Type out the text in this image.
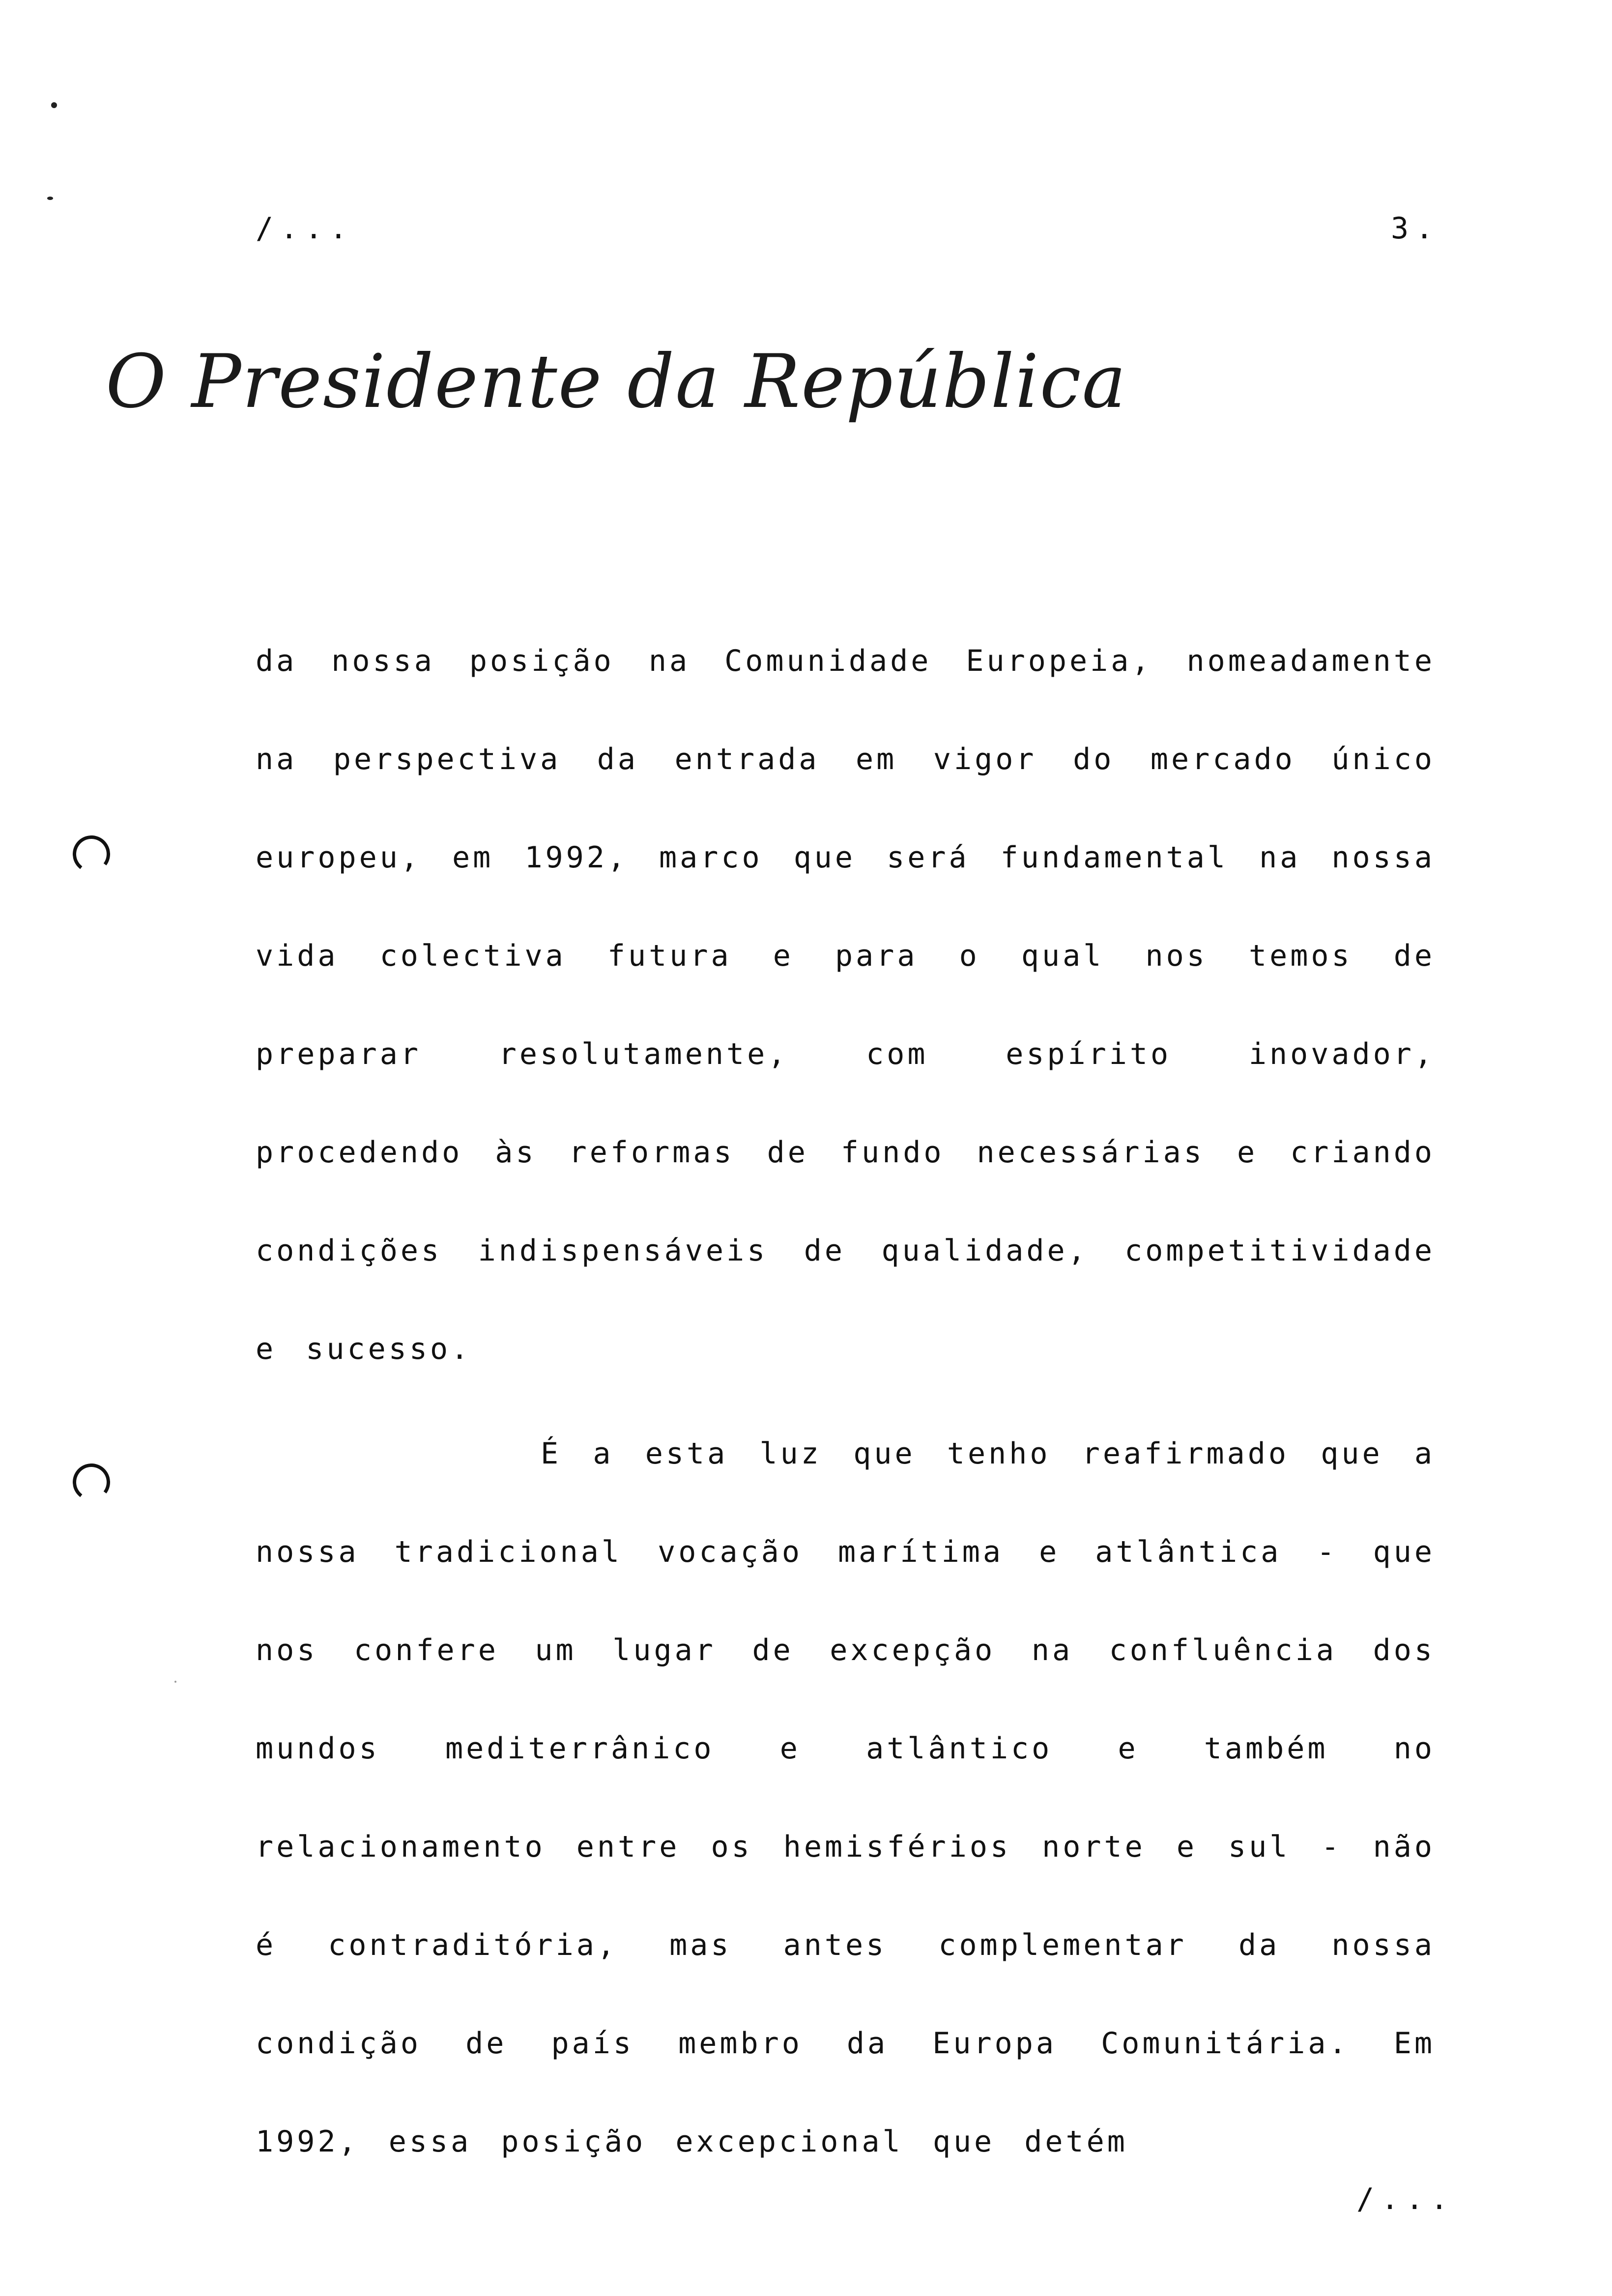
/...	3.
O Presidente da República

da nossa posição na Comunidade Europeia, nomeadamente na perspectiva da entrada em vigor do mercado único europeu, em 1992, marco que será fundamental na nossa vida colectiva futura e para o qual nos temos de preparar resolutamente, com espírito inovador, procedendo às reformas de fundo necessárias e criando condições indispensáveis de qualidade, competitividade e sucesso.

É a esta luz que tenho reafirmado que a nossa tradicional vocação marítima e atlântica - que nos confere um lugar de excepção na confluência dos mundos mediterrânico e atlântico e também no relacionamento entre os hemisférios norte e sul - não é contraditória, mas antes complementar da nossa condição de país membro da Europa Comunitária. Em 1992, essa posição excepcional que detém

/...
